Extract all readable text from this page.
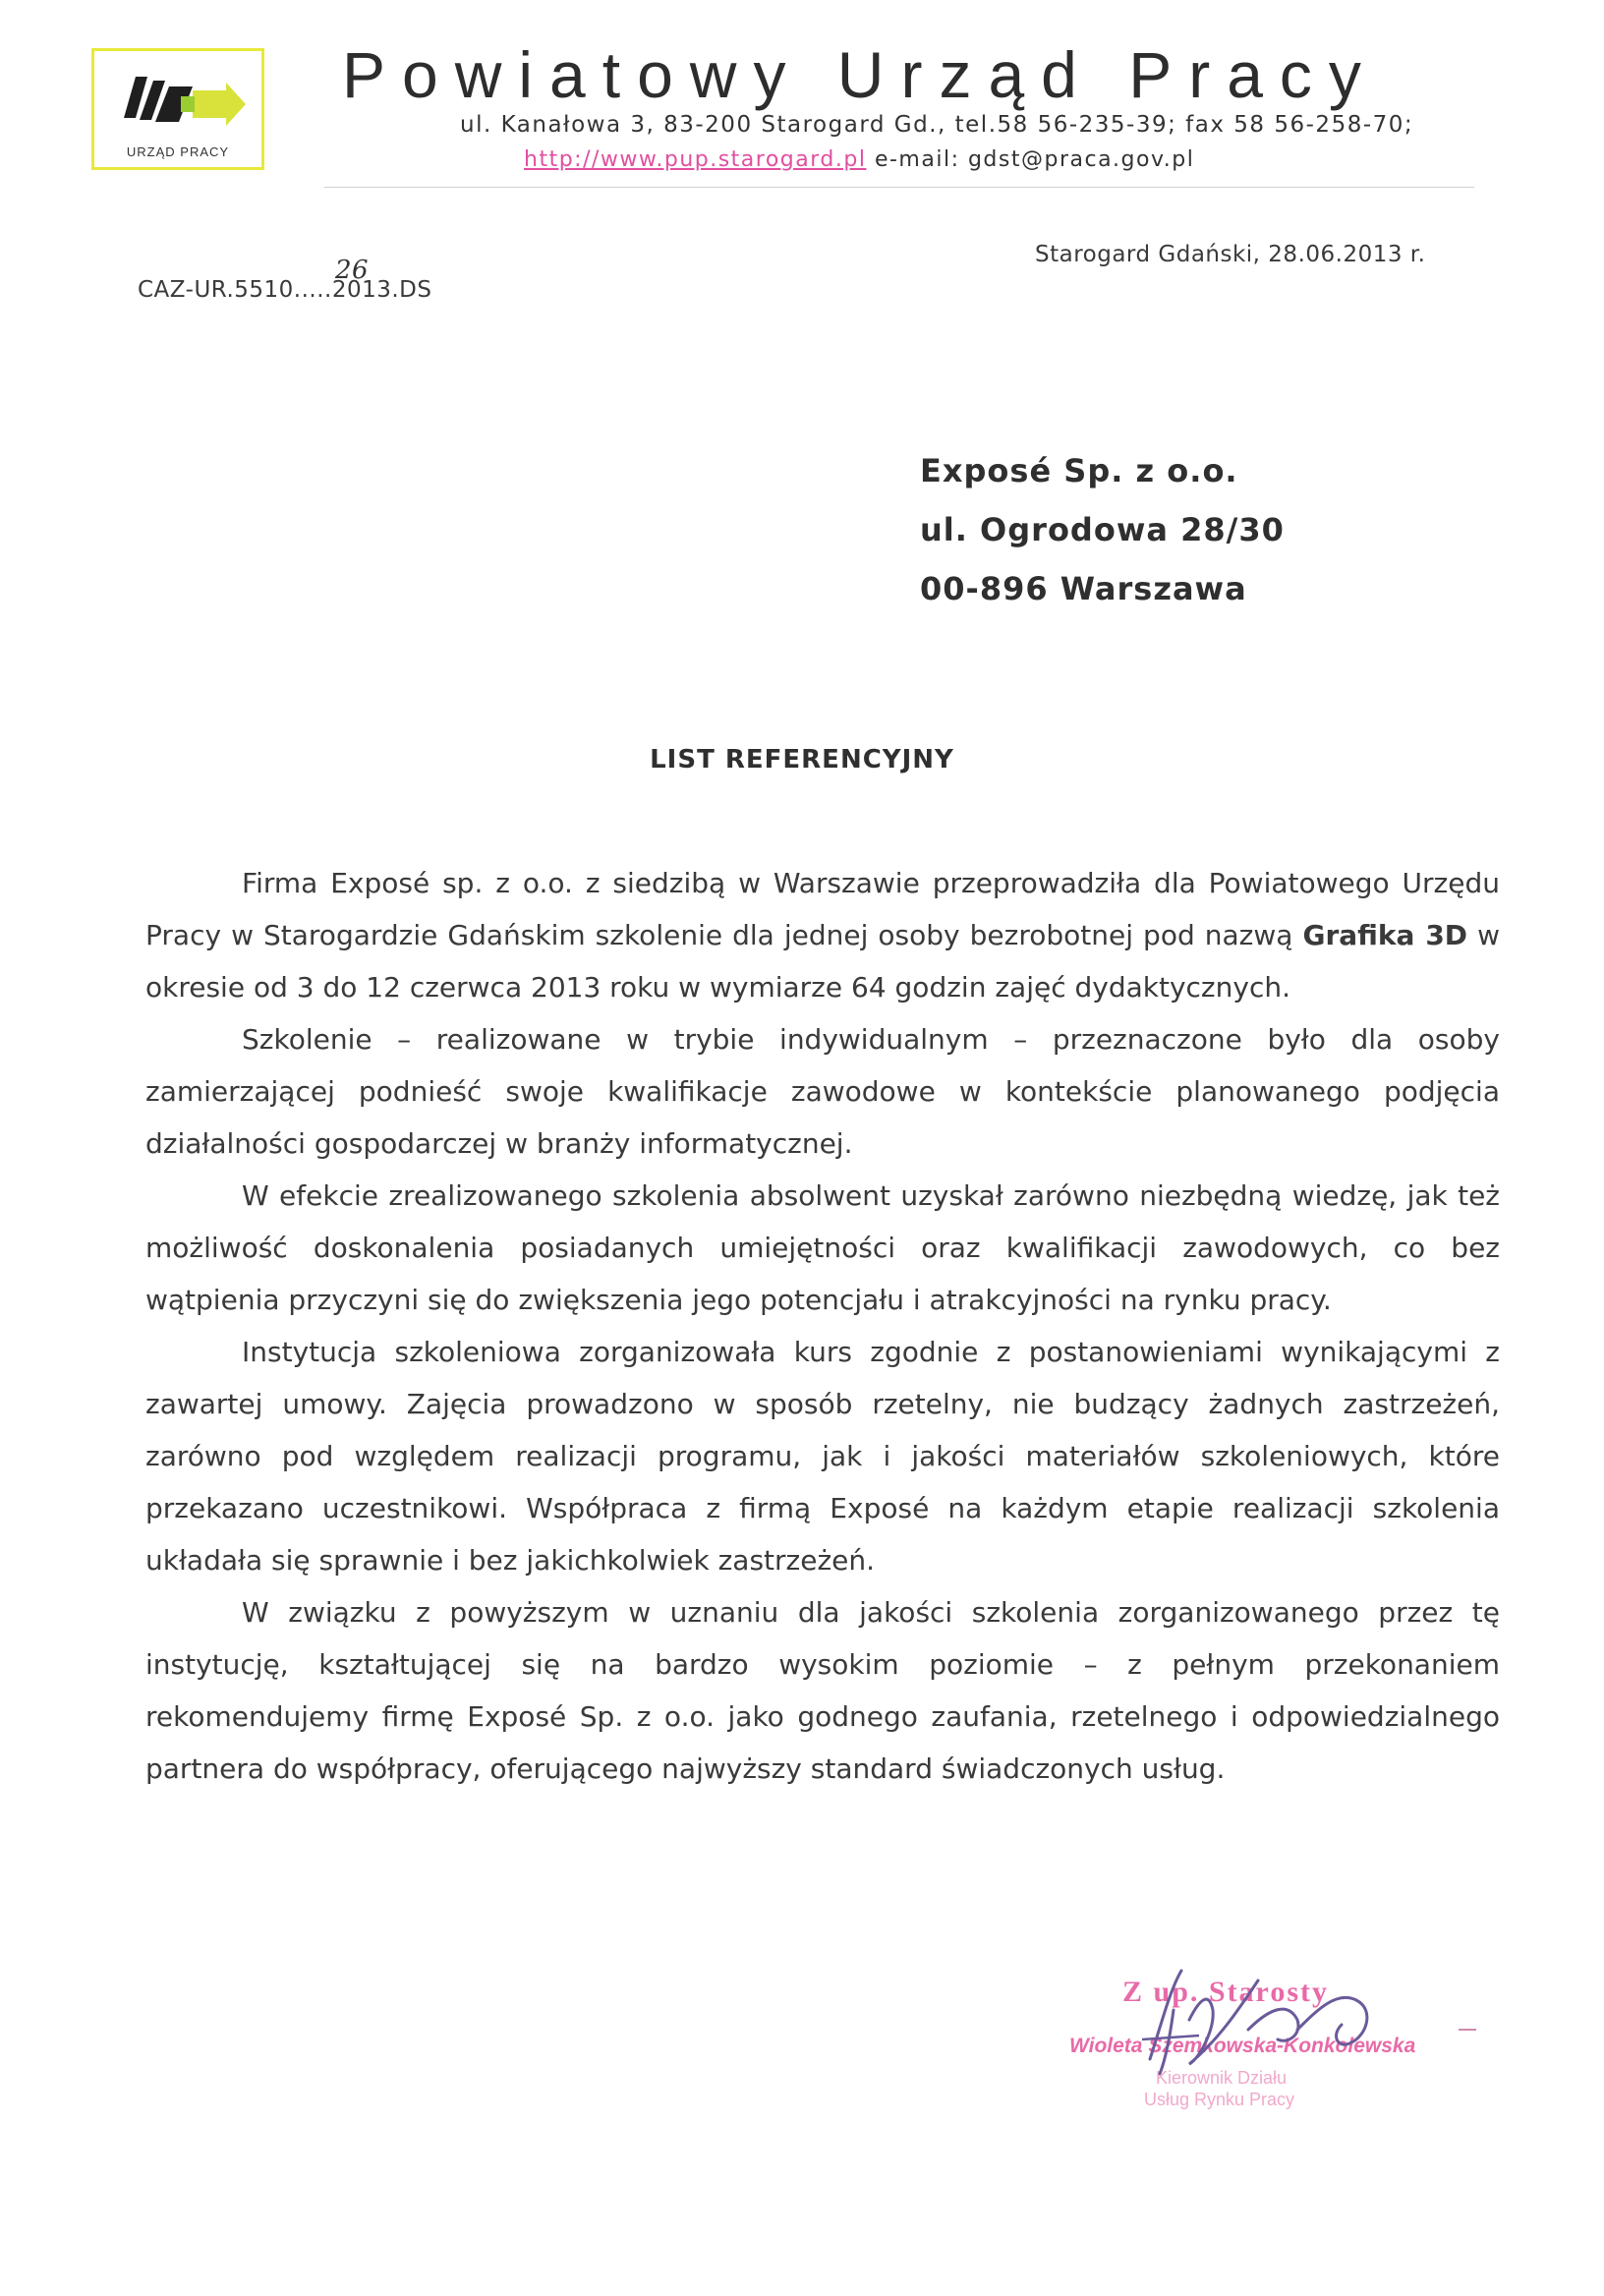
URZĄD PRACY
Powiatowy Urząd Pracy
ul. Kanałowa 3, 83-200 Starogard Gd., tel.58 56-235-39; fax 58 56-258-70;
http://www.pup.starogard.pl e-mail: gdst@praca.gov.pl
Starogard Gdański, 28.06.2013 r.
CAZ-UR.5510.....2013.DS
26
Exposé Sp. z o.o.
ul. Ogrodowa 28/30
00-896 Warszawa
LIST REFERENCYJNY

Firma Exposé sp. z o.o. z siedzibą w Warszawie przeprowadziła dla Powiatowego Urzędu Pracy w Starogardzie Gdańskim szkolenie dla jednej osoby bezrobotnej pod nazwą Grafika 3D w okresie od 3 do 12 czerwca 2013 roku w wymiarze 64 godzin zajęć dydaktycznych.

Szkolenie – realizowane w trybie indywidualnym – przeznaczone było dla osoby zamierzającej podnieść swoje kwalifikacje zawodowe w kontekście planowanego podjęcia działalności gospodarczej w branży informatycznej.

W efekcie zrealizowanego szkolenia absolwent uzyskał zarówno niezbędną wiedzę, jak też możliwość doskonalenia posiadanych umiejętności oraz kwalifikacji zawodowych, co bez wątpienia przyczyni się do zwiększenia jego potencjału i atrakcyjności na rynku pracy.

Instytucja szkoleniowa zorganizowała kurs zgodnie z postanowieniami wynikającymi z zawartej umowy. Zajęcia prowadzono w sposób rzetelny, nie budzący żadnych zastrzeżeń, zarówno pod względem realizacji programu, jak i jakości materiałów szkoleniowych, które przekazano uczestnikowi. Współpraca z firmą Exposé na każdym etapie realizacji szkolenia układała się sprawnie i bez jakichkolwiek zastrzeżeń.

W związku z powyższym w uznaniu dla jakości szkolenia zorganizowanego przez tę instytucję, kształtującej się na bardzo wysokim poziomie – z pełnym przekonaniem rekomendujemy firmę Exposé Sp. z o.o. jako godnego zaufania, rzetelnego i odpowiedzialnego partnera do współpracy, oferującego najwyższy standard świadczonych usług.

Z up. Starosty
Wioleta Szemkowska-Konkolewska
Kierownik Działu
Usług Rynku Pracy
